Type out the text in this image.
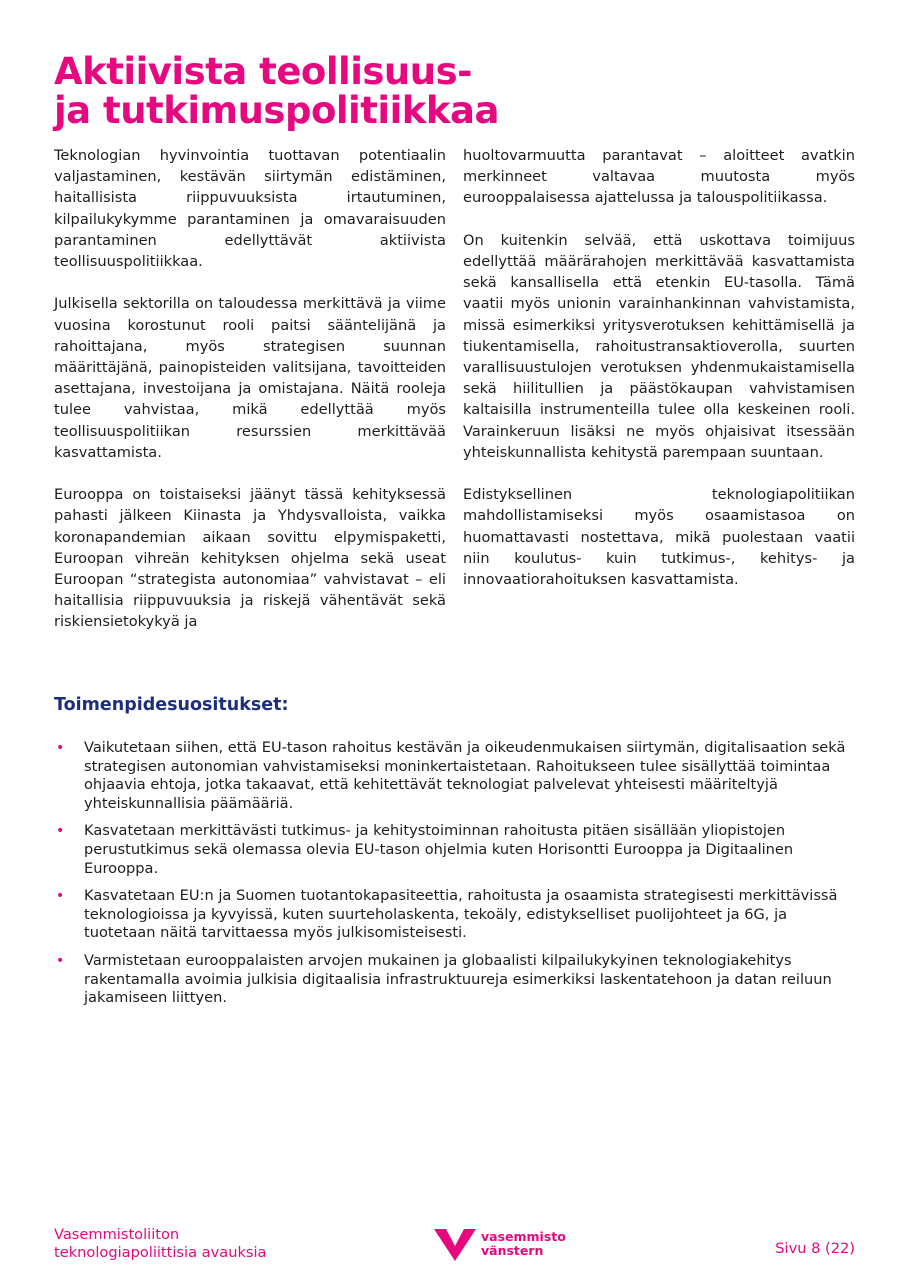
Aktiivista teollisuus-
ja tutkimuspolitiikkaa

Teknologian hyvinvointia tuottavan potentiaalin valjastaminen, kestävän siirtymän edistäminen, haitallisista riippuvuuksista irtautuminen, kilpailukykymme parantaminen ja omavaraisuuden parantaminen edellyttävät aktiivista teollisuuspolitiikkaa.

Julkisella sektorilla on taloudessa merkittävä ja viime vuosina korostunut rooli paitsi sääntelijänä ja rahoittajana, myös strategisen suunnan määrittäjänä, painopisteiden valitsijana, tavoitteiden asettajana, investoijana ja omistajana. Näitä rooleja tulee vahvistaa, mikä edellyttää myös teollisuuspolitiikan resurssien merkittävää kasvattamista.

Eurooppa on toistaiseksi jäänyt tässä kehityksessä pahasti jälkeen Kiinasta ja Yhdysvalloista, vaikka koronapandemian aikaan sovittu elpymispaketti, Euroopan vihreän kehityksen ohjelma sekä useat Euroopan “strategista autonomiaa” vahvistavat – eli haitallisia riippuvuuksia ja riskejä vähentävät sekä riskiensietokykyä ja

huoltovarmuutta parantavat – aloitteet avatkin merkinneet valtavaa muutosta myös eurooppalaisessa ajattelussa ja talouspolitiikassa.

On kuitenkin selvää, että uskottava toimijuus edellyttää määrärahojen merkittävää kasvattamista sekä kansallisella että etenkin EU-tasolla. Tämä vaatii myös unionin varainhankinnan vahvistamista, missä esimerkiksi yritysverotuksen kehittämisellä ja tiukentamisella, rahoitustransaktioverolla, suurten varallisuustulojen verotuksen yhdenmukaistamisella sekä hiilitullien ja päästökaupan vahvistamisen kaltaisilla instrumenteilla tulee olla keskeinen rooli. Varainkeruun lisäksi ne myös ohjaisivat itsessään yhteiskunnallista kehitystä parempaan suuntaan.

Edistyksellinen teknologiapolitiikan mahdollistamiseksi myös osaamistasoa on huomattavasti nostettava, mikä puolestaan vaatii niin koulutus- kuin tutkimus-, kehitys- ja innovaatiorahoituksen kasvattamista.

Toimenpidesuositukset:
• Vaikutetaan siihen, että EU-tason rahoitus kestävän ja oikeudenmukaisen siirtymän, digitalisaation sekä strategisen autonomian vahvistamiseksi moninkertaistetaan. Rahoitukseen tulee sisällyttää toimintaa ohjaavia ehtoja, jotka takaavat, että kehitettävät teknologiat palvelevat yhteisesti määriteltyjä yhteiskunnallisia päämääriä.
• Kasvatetaan merkittävästi tutkimus- ja kehitystoiminnan rahoitusta pitäen sisällään yliopistojen perustutkimus sekä olemassa olevia EU-tason ohjelmia kuten Horisontti Eurooppa ja Digitaalinen Eurooppa.
• Kasvatetaan EU:n ja Suomen tuotantokapasiteettia, rahoitusta ja osaamista strategisesti merkittävissä teknologioissa ja kyvyissä, kuten suurteholaskenta, tekoäly, edistykselliset puolijohteet ja 6G, ja tuotetaan näitä tarvittaessa myös julkisomisteisesti.
• Varmistetaan eurooppalaisten arvojen mukainen ja globaalisti kilpailukykyinen teknologiakehitys rakentamalla avoimia julkisia digitaalisia infrastruktuureja esimerkiksi laskentatehoon ja datan reiluun jakamiseen liittyen.
Vasemmistoliiton
teknologiapoliittisia avauksia
vasemmisto
vänstern	Sivu 8 (22)
